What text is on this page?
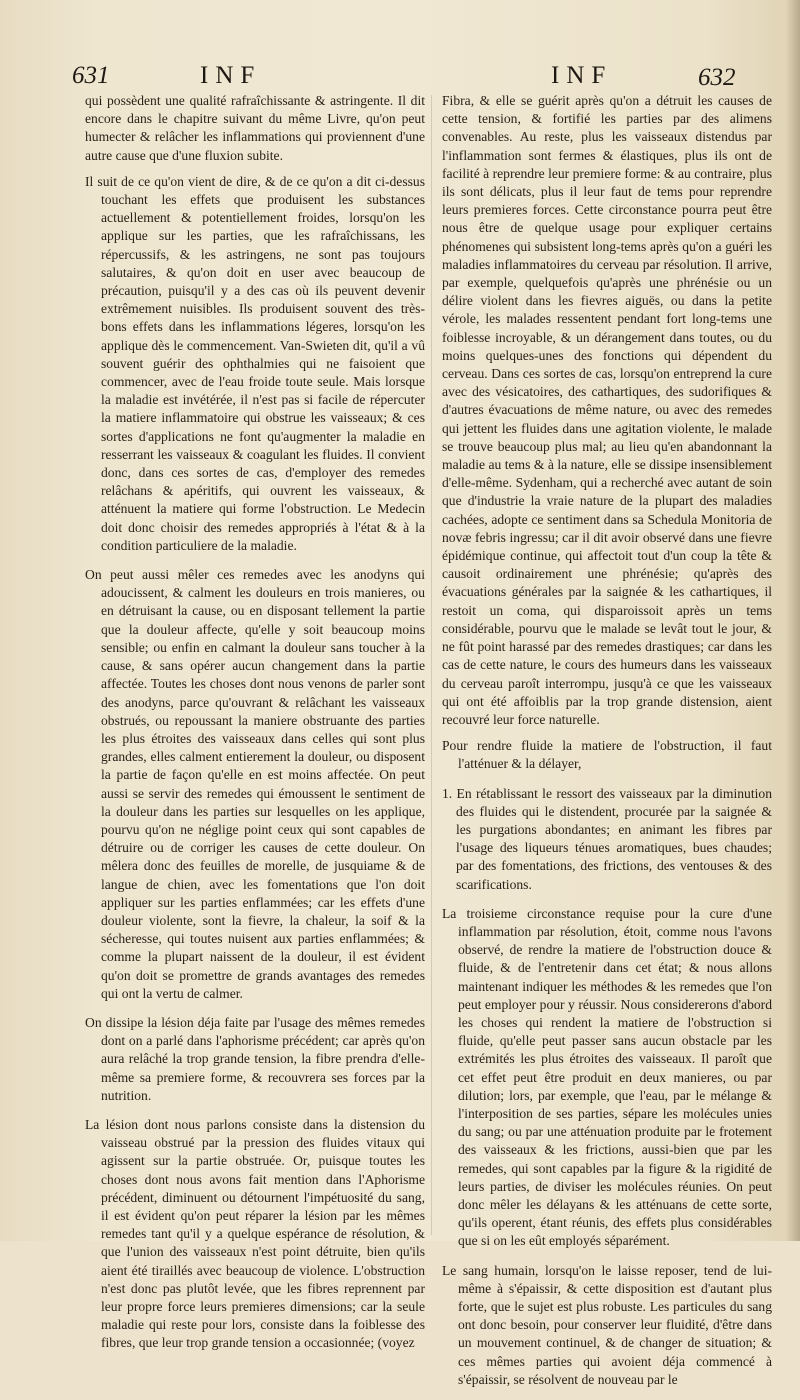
631	INF	INF	632

qui possèdent une qualité rafraîchissante & astringente. Il dit encore dans le chapitre suivant du même Livre, qu'on peut humecter & relâcher les inflammations qui proviennent d'une autre cause que d'une fluxion subite.

Il suit de ce qu'on vient de dire, & de ce qu'on a dit ci-dessus touchant les effets que produisent les substances actuellement & potentiellement froides, lorsqu'on les applique sur les parties, que les rafraîchissans, les répercussifs, & les astringens, ne sont pas toujours salutaires, & qu'on doit en user avec beaucoup de précaution, puisqu'il y a des cas où ils peuvent devenir extrêmement nuisibles. Ils produisent souvent des très-bons effets dans les inflammations légeres, lorsqu'on les applique dès le commencement. Van-Swieten dit, qu'il a vû souvent guérir des ophthalmies qui ne faisoient que commencer, avec de l'eau froide toute seule. Mais lorsque la maladie est invétérée, il n'est pas si facile de répercuter la matiere inflammatoire qui obstrue les vaisseaux; & ces sortes d'applications ne font qu'augmenter la maladie en resserrant les vaisseaux & coagulant les fluides. Il convient donc, dans ces sortes de cas, d'employer des remedes relâchans & apéritifs, qui ouvrent les vaisseaux, & atténuent la matiere qui forme l'obstruction. Le Medecin doit donc choisir des remedes appropriés à l'état & à la condition particuliere de la maladie.

On peut aussi mêler ces remedes avec les anodyns qui adoucissent, & calment les douleurs en trois manieres, ou en détruisant la cause, ou en disposant tellement la partie que la douleur affecte, qu'elle y soit beaucoup moins sensible; ou enfin en calmant la douleur sans toucher à la cause, & sans opérer aucun changement dans la partie affectée. Toutes les choses dont nous venons de parler sont des anodyns, parce qu'ouvrant & relâchant les vaisseaux obstrués, ou repoussant la maniere obstruante des parties les plus étroites des vaisseaux dans celles qui sont plus grandes, elles calment entierement la douleur, ou disposent la partie de façon qu'elle en est moins affectée. On peut aussi se servir des remedes qui émoussent le sentiment de la douleur dans les parties sur lesquelles on les applique, pourvu qu'on ne néglige point ceux qui sont capables de détruire ou de corriger les causes de cette douleur. On mêlera donc des feuilles de morelle, de jusquiame & de langue de chien, avec les fomentations que l'on doit appliquer sur les parties enflammées; car les effets d'une douleur violente, sont la fievre, la chaleur, la soif & la sécheresse, qui toutes nuisent aux parties enflammées; & comme la plupart naissent de la douleur, il est évident qu'on doit se promettre de grands avantages des remedes qui ont la vertu de calmer.

On dissipe la lésion déja faite par l'usage des mêmes remedes dont on a parlé dans l'aphorisme précédent; car après qu'on aura relâché la trop grande tension, la fibre prendra d'elle-même sa premiere forme, & recouvrera ses forces par la nutrition.

La lésion dont nous parlons consiste dans la distension du vaisseau obstrué par la pression des fluides vitaux qui agissent sur la partie obstruée. Or, puisque toutes les choses dont nous avons fait mention dans l'Aphorisme précédent, diminuent ou détournent l'impétuosité du sang, il est évident qu'on peut réparer la lésion par les mêmes remedes tant qu'il y a quelque espérance de résolution, & que l'union des vaisseaux n'est point détruite, bien qu'ils aient été tiraillés avec beaucoup de violence. L'obstruction n'est donc pas plutôt levée, que les fibres reprennent par leur propre force leurs premieres dimensions; car la seule maladie qui reste pour lors, consiste dans la foiblesse des fibres, que leur trop grande tension a occasionnée; (voyez

Fibra, & elle se guérit après qu'on a détruit les causes de cette tension, & fortifié les parties par des alimens convenables. Au reste, plus les vaisseaux distendus par l'inflammation sont fermes & élastiques, plus ils ont de facilité à reprendre leur premiere forme: & au contraire, plus ils sont délicats, plus il leur faut de tems pour reprendre leurs premieres forces. Cette circonstance pourra peut être nous être de quelque usage pour expliquer certains phénomenes qui subsistent long-tems après qu'on a guéri les maladies inflammatoires du cerveau par résolution. Il arrive, par exemple, quelquefois qu'après une phrénésie ou un délire violent dans les fievres aiguës, ou dans la petite vérole, les malades ressentent pendant fort long-tems une foiblesse incroyable, & un dérangement dans toutes, ou du moins quelques-unes des fonctions qui dépendent du cerveau. Dans ces sortes de cas, lorsqu'on entreprend la cure avec des vésicatoires, des cathartiques, des sudorifiques & d'autres évacuations de même nature, ou avec des remedes qui jettent les fluides dans une agitation violente, le malade se trouve beaucoup plus mal; au lieu qu'en abandonnant la maladie au tems & à la nature, elle se dissipe insensiblement d'elle-même. Sydenham, qui a recherché avec autant de soin que d'industrie la vraie nature de la plupart des maladies cachées, adopte ce sentiment dans sa Schedula Monitoria de novæ febris ingressu; car il dit avoir observé dans une fievre épidémique continue, qui affectoit tout d'un coup la tête & causoit ordinairement une phrénésie; qu'après des évacuations générales par la saignée & les cathartiques, il restoit un coma, qui disparoissoit après un tems considérable, pourvu que le malade se levât tout le jour, & ne fût point harassé par des remedes drastiques; car dans les cas de cette nature, le cours des humeurs dans les vaisseaux du cerveau paroît interrompu, jusqu'à ce que les vaisseaux qui ont été affoiblis par la trop grande distension, aient recouvré leur force naturelle.

Pour rendre fluide la matiere de l'obstruction, il faut l'atténuer & la délayer,

1. En rétablissant le ressort des vaisseaux par la diminution des fluides qui le distendent, procurée par la saignée & les purgations abondantes; en animant les fibres par l'usage des liqueurs ténues aromatiques, bues chaudes; par des fomentations, des frictions, des ventouses & des scarifications.

La troisieme circonstance requise pour la cure d'une inflammation par résolution, étoit, comme nous l'avons observé, de rendre la matiere de l'obstruction douce & fluide, & de l'entretenir dans cet état; & nous allons maintenant indiquer les méthodes & les remedes que l'on peut employer pour y réussir. Nous considererons d'abord les choses qui rendent la matiere de l'obstruction si fluide, qu'elle peut passer sans aucun obstacle par les extrémités les plus étroites des vaisseaux. Il paroît que cet effet peut être produit en deux manieres, ou par dilution; lors, par exemple, que l'eau, par le mélange & l'interposition de ses parties, sépare les molécules unies du sang; ou par une atténuation produite par le frotement des vaisseaux & les frictions, aussi-bien que par les remedes, qui sont capables par la figure & la rigidité de leurs parties, de diviser les molécules réunies. On peut donc mêler les délayans & les atténuans de cette sorte, qu'ils operent, étant réunis, des effets plus considérables que si on les eût employés séparément.

Le sang humain, lorsqu'on le laisse reposer, tend de lui-même à s'épaissir, & cette disposition est d'autant plus forte, que le sujet est plus robuste. Les particules du sang ont donc besoin, pour conserver leur fluidité, d'être dans un mouvement continuel, & de changer de situation; & ces mêmes parties qui avoient déja commencé à s'épaissir, se résolvent de nouveau par le
